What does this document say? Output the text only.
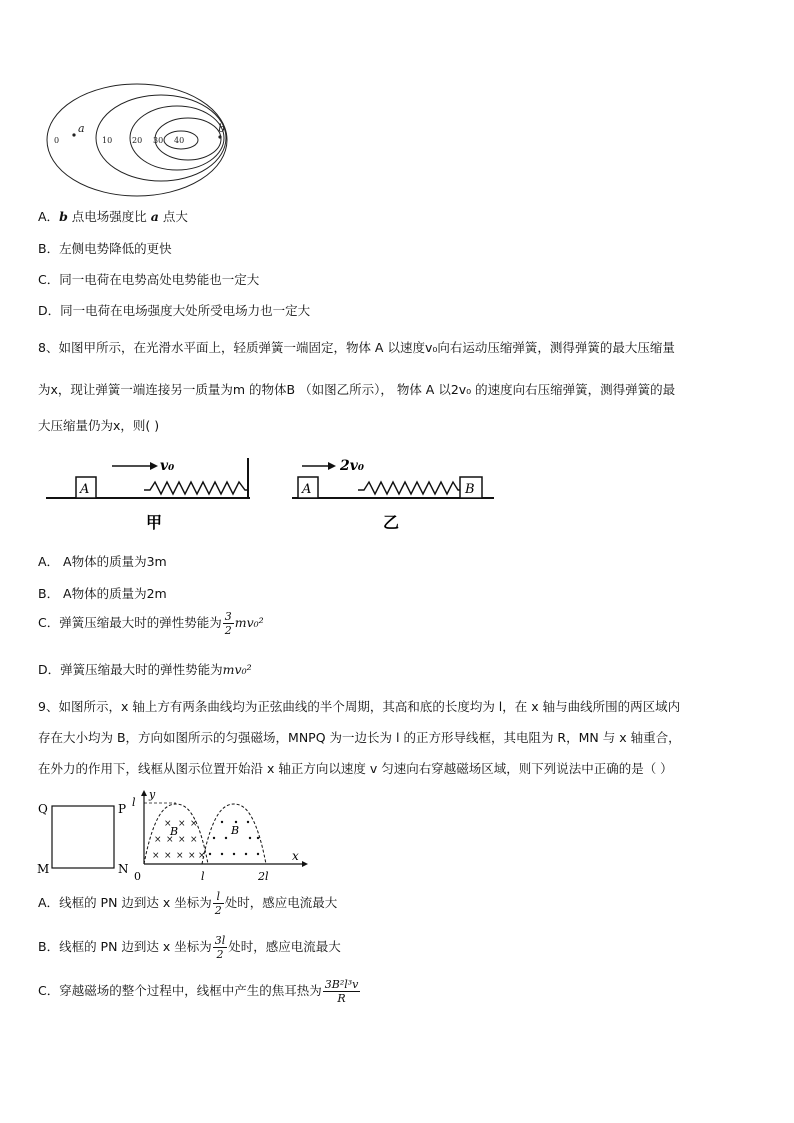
0	10 20 30 40
a	b
A．b 点电场强度比 a 点大
B．左侧电势降低的更快
C．同一电荷在电势高处电势能也一定大
D．同一电荷在电场强度大处所受电场力也一定大
8、如图甲所示，在光滑水平面上，轻质弹簧一端固定，物体 A 以速度v₀向右运动压缩弹簧，测得弹簧的最大压缩量
为x，现让弹簧一端连接另一质量为m 的物体B （如图乙所示）， 物体 A 以2v₀ 的速度向右压缩弹簧，测得弹簧的最
大压缩量仍为x，则( )
A
v₀
甲
A	B
2v₀
乙
A． A物体的质量为3m
B． A物体的质量为2m
C．弹簧压缩最大时的弹性势能为 $\frac{3}{2} mv_0^2$
D．弹簧压缩最大时的弹性势能为mv₀²
9、如图所示，x 轴上方有两条曲线均为正弦曲线的半个周期，其高和底的长度均为 l，在 x 轴与曲线所围的两区域内
存在大小均为 B，方向如图所示的匀强磁场，MNPQ 为一边长为 l 的正方形导线框，其电阻为 R，MN 与 x 轴重合，
在外力的作用下，线框从图示位置开始沿 x 轴正方向以速度 v 匀速向右穿越磁场区域，则下列说法中正确的是（ ）
Q	P
M	N
y
x
0	l	2l
l
× × ×
× × × ×
× × × × ×
B	B
A．线框的 PN 边到达 x 坐标为 $\frac{l}{2}$ 处时，感应电流最大
B．线框的 PN 边到达 x 坐标为 $\frac{3l}{2}$ 处时，感应电流最大
C．穿越磁场的整个过程中，线框中产生的焦耳热为 $\frac{\text{3B²l³v}}{R}$
